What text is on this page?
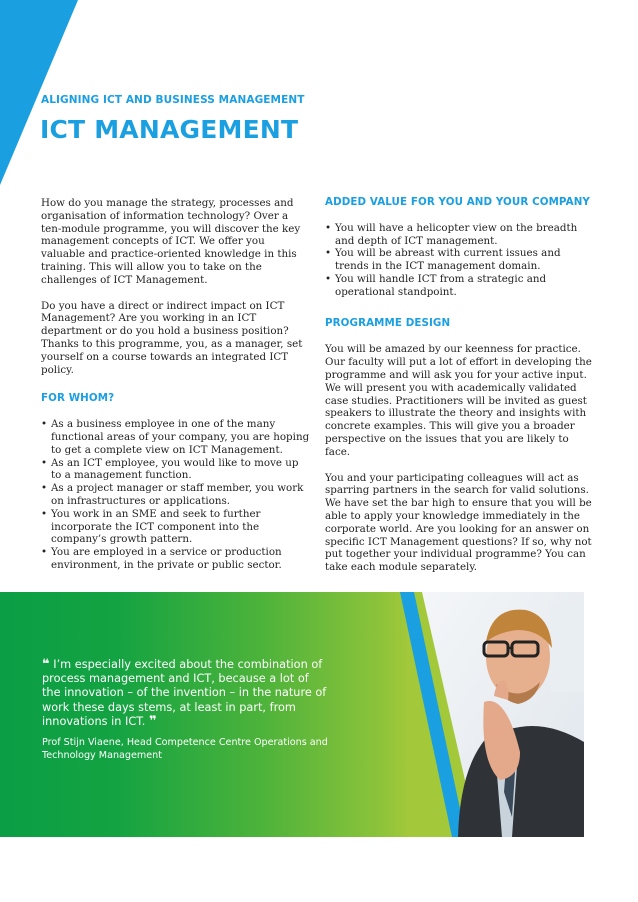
ALIGNING ICT AND BUSINESS MANAGEMENT
ICT MANAGEMENT

How do you manage the strategy, processes and organisation of information technology? Over a ten-module programme, you will discover the key management concepts of ICT. We offer you valuable and practice-oriented knowledge in this training. This will allow you to take on the challenges of ICT Management.

Do you have a direct or indirect impact on ICT Management? Are you working in an ICT department or do you hold a business position? Thanks to this programme, you, as a manager, set yourself on a course towards an integrated ICT policy.

FOR WHOM?
• As a business employee in one of the many functional areas of your company, you are hoping to get a complete view on ICT Management.
• As an ICT employee, you would like to move up to a management function.
• As a project manager or staff member, you work on infrastructures or applications.
• You work in an SME and seek to further incorporate the ICT component into the company’s growth pattern.
• You are employed in a service or production environment, in the private or public sector.
ADDED VALUE FOR YOU AND YOUR COMPANY
• You will have a helicopter view on the breadth and depth of ICT management.
• You will be abreast with current issues and trends in the ICT management domain.
• You will handle ICT from a strategic and operational standpoint.
PROGRAMME DESIGN

You will be amazed by our keenness for practice. Our faculty will put a lot of effort in developing the programme and will ask you for your active input. We will present you with academically validated case studies. Practitioners will be invited as guest speakers to illustrate the theory and insights with concrete examples. This will give you a broader perspective on the issues that you are likely to face.

You and your participating colleagues will act as sparring partners in the search for valid solutions. We have set the bar high to ensure that you will be able to apply your knowledge immediately in the corporate world. Are you looking for an answer on specific ICT Management questions? If so, why not put together your individual programme? You can take each module separately.

❝ I’m especially excited about the combination of process management and ICT, because a lot of the innovation – of the invention – in the nature of work these days stems, at least in part, from innovations in ICT. ❞
Prof Stijn Viaene, Head Competence Centre Operations and Technology Management
